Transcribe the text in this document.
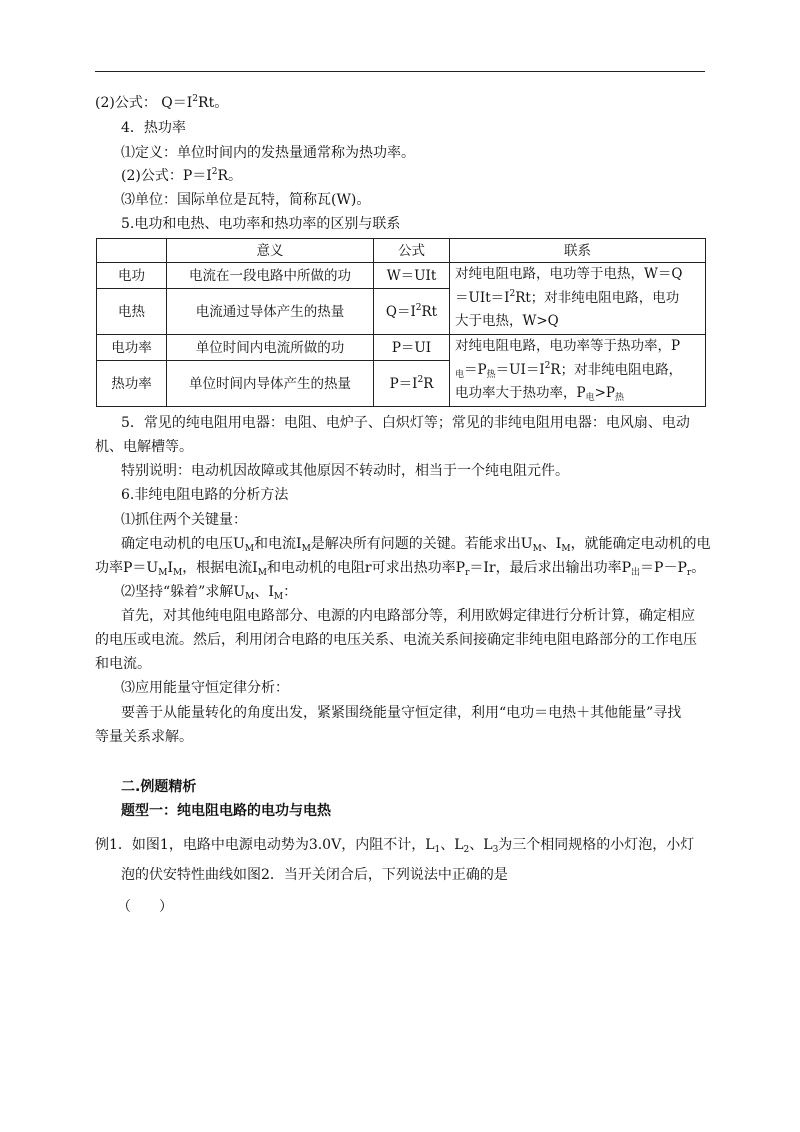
(2)公式： $Q=I^2Rt$。
4．热功率
⑴定义：单位时间内的发热量通常称为热功率。
(2)公式：$P=I^2R$。
⑶单位：国际单位是瓦特，简称瓦(W)。
5.电功和电热、电功率和热功率的区别与联系
	意义	公式	联系
电功	电流在一段电路中所做的功	W＝UIt	对纯电阻电路，电功等于电热，W＝Q
$=UIt=I^2Rt$；对非纯电阻电路，电功
大于电热，W>Q

电热	电流通过导体产生的热量	$Q=I^2Rt$	
电功率	单位时间内电流所做的功	P＝UI	对纯电阻电路，电功率等于热功率，P
$_电=P_热=UI=I^2R$；对非纯电阻电路，
电功率大于热功率，$P_电>P_热$

热功率	单位时间内导体产生的热量	$P=I^2R$	
5．常见的纯电阻用电器：电阻、电炉子、白炽灯等；常见的非纯电阻用电器：电风扇、电动
机、电解槽等。
特别说明：电动机因故障或其他原因不转动时，相当于一个纯电阻元件。
6.非纯电阻电路的分析方法
⑴抓住两个关键量：
确定电动机的电压$U_M$和电流$I_M$是解决所有问题的关键。若能求出$U_M$、$I_M$，就能确定电动机的电
功率$P=U_MI_M$，根据电流$I_M$和电动机的电阻r可求出热功率$P_r=Ir$，最后求出输出功率$P_出=P-P_r$。
⑵坚持“躲着”求解$U_M$、$I_M$：
首先，对其他纯电阻电路部分、电源的内电路部分等，利用欧姆定律进行分析计算，确定相应
的电压或电流。然后，利用闭合电路的电压关系、电流关系间接确定非纯电阻电路部分的工作电压
和电流。
⑶应用能量守恒定律分析：
要善于从能量转化的角度出发，紧紧围绕能量守恒定律，利用“电功＝电热＋其他能量”寻找
等量关系求解。
二.例题精析
题型一：纯电阻电路的电功与电热
例1．如图1，电路中电源电动势为3.0V，内阻不计，$L_1$、$L_2$、$L_3$为三个相同规格的小灯泡，小灯
泡的伏安特性曲线如图2．当开关闭合后，下列说法中正确的是
（　　）
